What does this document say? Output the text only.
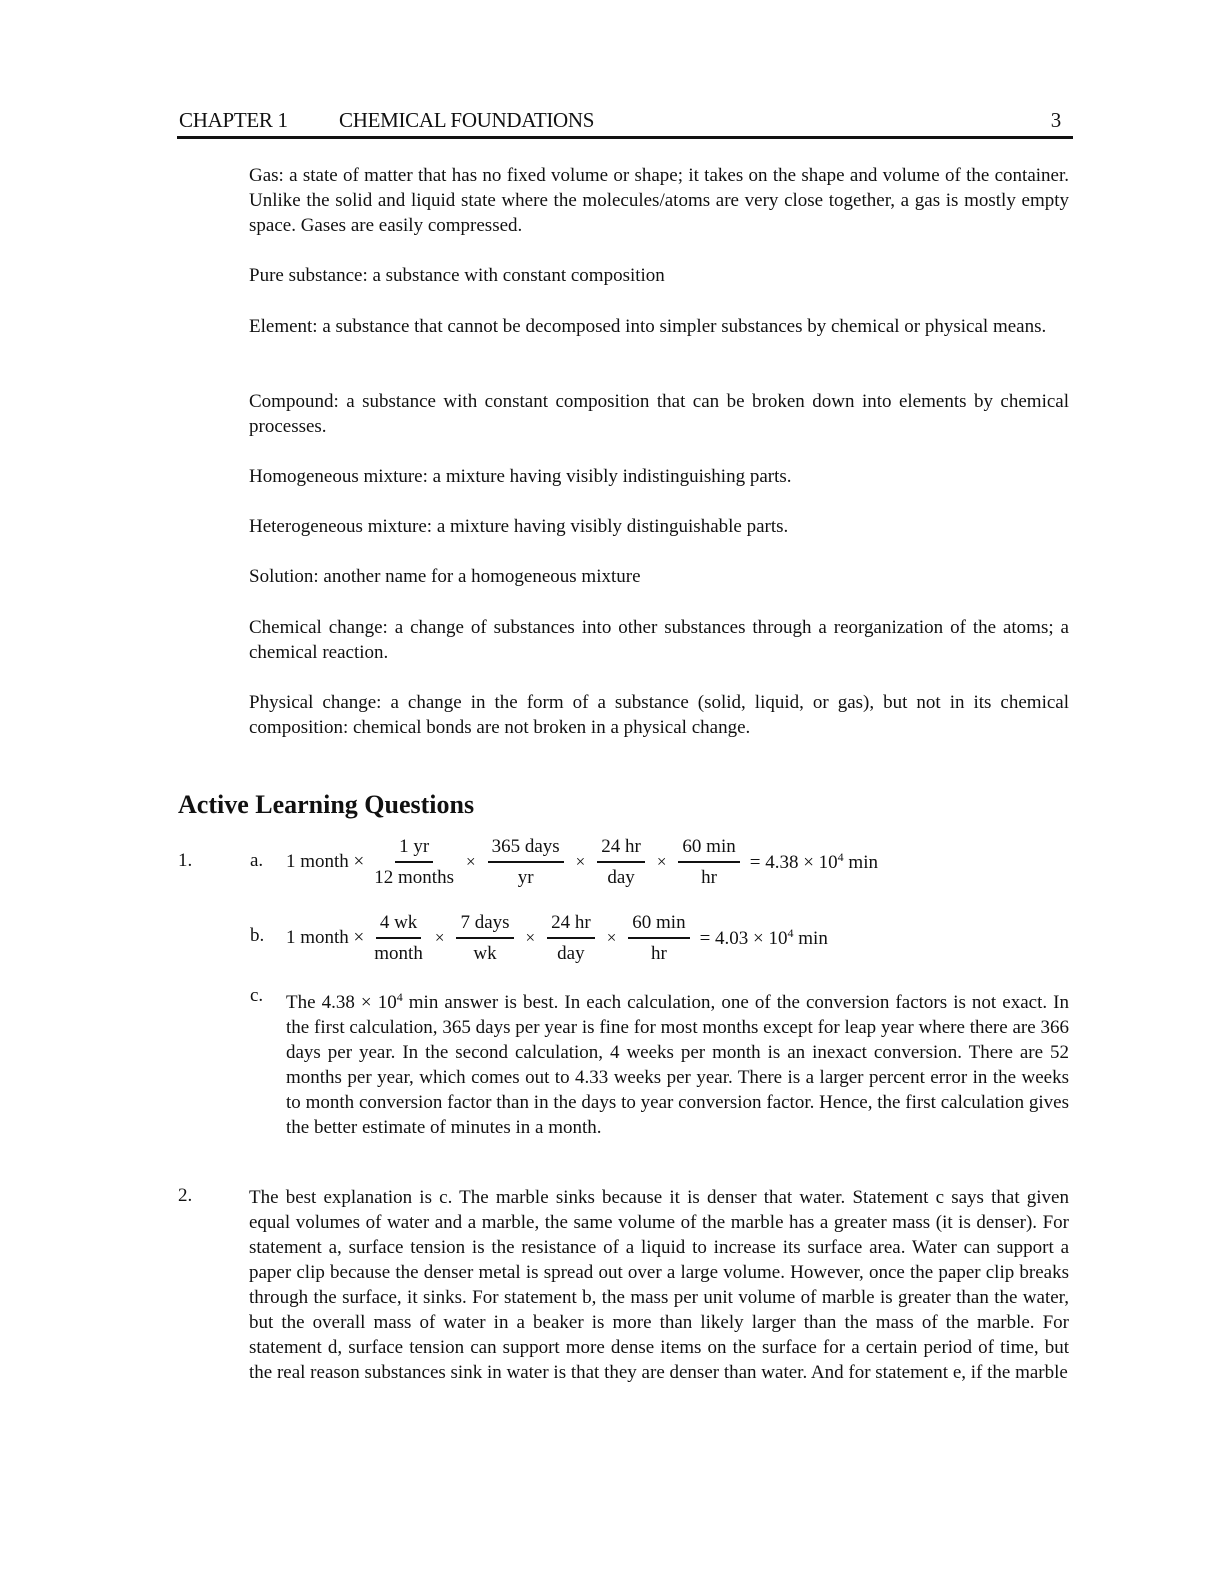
CHAPTER 1 CHEMICAL FOUNDATIONS	3

Gas: a state of matter that has no fixed volume or shape; it takes on the shape and volume of the container. Unlike the solid and liquid state where the molecules/atoms are very close together, a gas is mostly empty space. Gases are easily compressed.

Pure substance: a substance with constant composition

Element: a substance that cannot be decomposed into simpler substances by chemical or physical means.

Compound: a substance with constant composition that can be broken down into elements by chemical processes.

Homogeneous mixture: a mixture having visibly indistinguishing parts.

Heterogeneous mixture: a mixture having visibly distinguishable parts.

Solution: another name for a homogeneous mixture

Chemical change: a change of substances into other substances through a reorganization of the atoms; a chemical reaction.

Physical change: a change in the form of a substance (solid, liquid, or gas), but not in its chemical composition: chemical bonds are not broken in a physical change.

Active Learning Questions
1.	a. 1 month × $\frac{1 yr}{\text{12 months}} \times \frac{\text{365 days}}{yr} \times \frac{24 hr}{\text{day}} \times \frac{60 \min}{hr} = 4.38 \times 10^4$ min
b. 1 month × $\frac{4 wk}{\text{month}} \times \frac{\text{7 days}}{wk} \times \frac{24 hr}{\text{day}} \times \frac{60 \min}{hr} = 4.03 \times 10^4$ min
c. The $4.38 \times 10^4$ min answer is best. In each calculation, one of the conversion factors is not exact. In the first calculation, 365 days per year is fine for most months except for leap year where there are 366 days per year. In the second calculation, 4 weeks per month is an inexact conversion. There are 52 months per year, which comes out to 4.33 weeks per year. There is a larger percent error in the weeks to month conversion factor than in the days to year conversion factor. Hence, the first calculation gives the better estimate of minutes in a month.

2.	The best explanation is c. The marble sinks because it is denser that water. Statement c says that given equal volumes of water and a marble, the same volume of the marble has a greater mass (it is denser). For statement a, surface tension is the resistance of a liquid to increase its surface area. Water can support a paper clip because the denser metal is spread out over a large volume. However, once the paper clip breaks through the surface, it sinks. For statement b, the mass per unit volume of marble is greater than the water, but the overall mass of water in a beaker is more than likely larger than the mass of the marble. For statement d, surface tension can support more dense items on the surface for a certain period of time, but the real reason substances sink in water is that they are denser than water. And for statement e, if the marble
